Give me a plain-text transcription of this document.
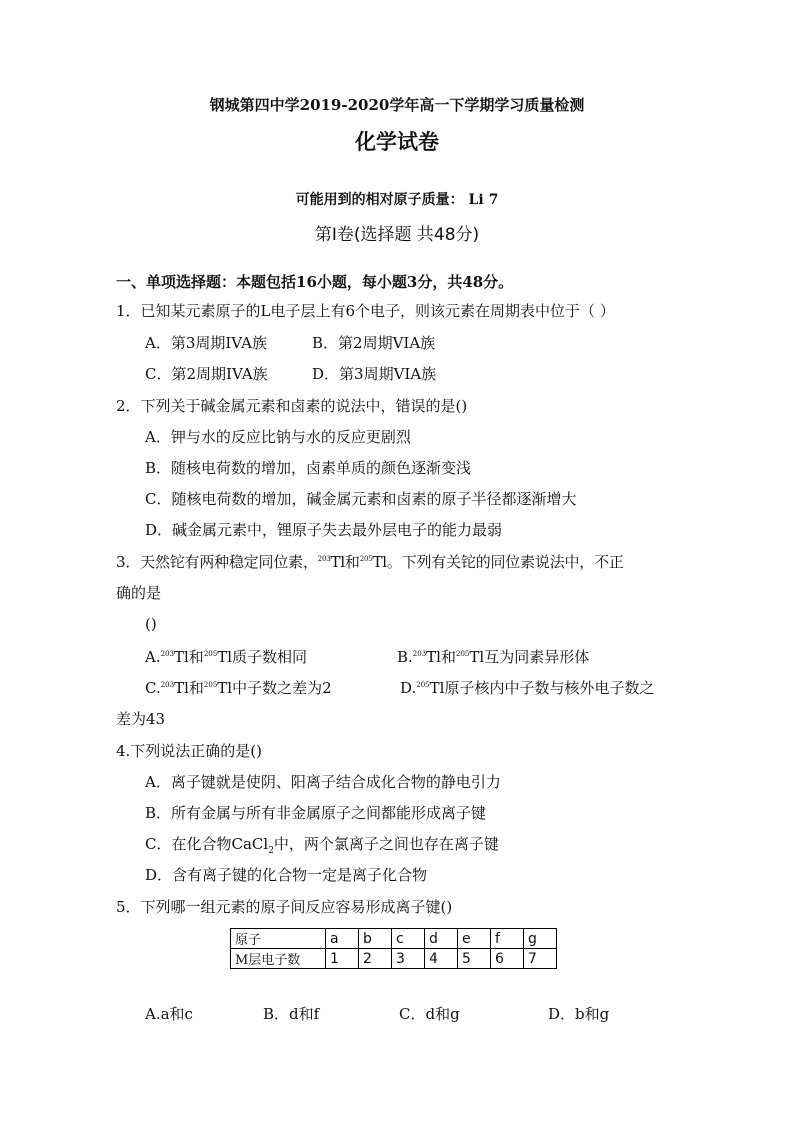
钢城第四中学2019-2020学年高一下学期学习质量检测
化学试卷
可能用到的相对原子质量： Li 7
第Ⅰ卷(选择题 共48分)
一、单项选择题：本题包括16小题，每小题3分，共48分。
1．已知某元素原子的L电子层上有6个电子，则该元素在周期表中位于（ ）
A．第3周期IVA族	B．第2周期VIA族
C．第2周期IVA族	D．第3周期VIA族
2．下列关于碱金属元素和卤素的说法中，错误的是()
A．钾与水的反应比钠与水的反应更剧烈
B．随核电荷数的增加，卤素单质的颜色逐渐变浅
C．随核电荷数的增加，碱金属元素和卤素的原子半径都逐渐增大
D．碱金属元素中，锂原子失去最外层电子的能力最弱
3．天然铊有两种稳定同位素，$^{203}$Tl和$^{205}$Tl。下列有关铊的同位素说法中，不正
确的是
()
A.$^{203}$Tl和$^{205}$Tl质子数相同	B.$^{203}$Tl和$^{205}$Tl互为同素异形体
C.$^{203}$Tl和$^{205}$Tl中子数之差为2	D.$^{205}$Tl原子核内中子数与核外电子数之
差为43
4.下列说法正确的是()
A．离子键就是使阴、阳离子结合成化合物的静电引力
B．所有金属与所有非金属原子之间都能形成离子键
C．在化合物CaCl$_2$中，两个氯离子之间也存在离子键
D．含有离子键的化合物一定是离子化合物
5．下列哪一组元素的原子间反应容易形成离子键()
原子	a	b	c	d	e	f	g
M层电子数	1	2	3	4	5	6	7
A.a和c	B．d和f	C．d和g	D．b和g
